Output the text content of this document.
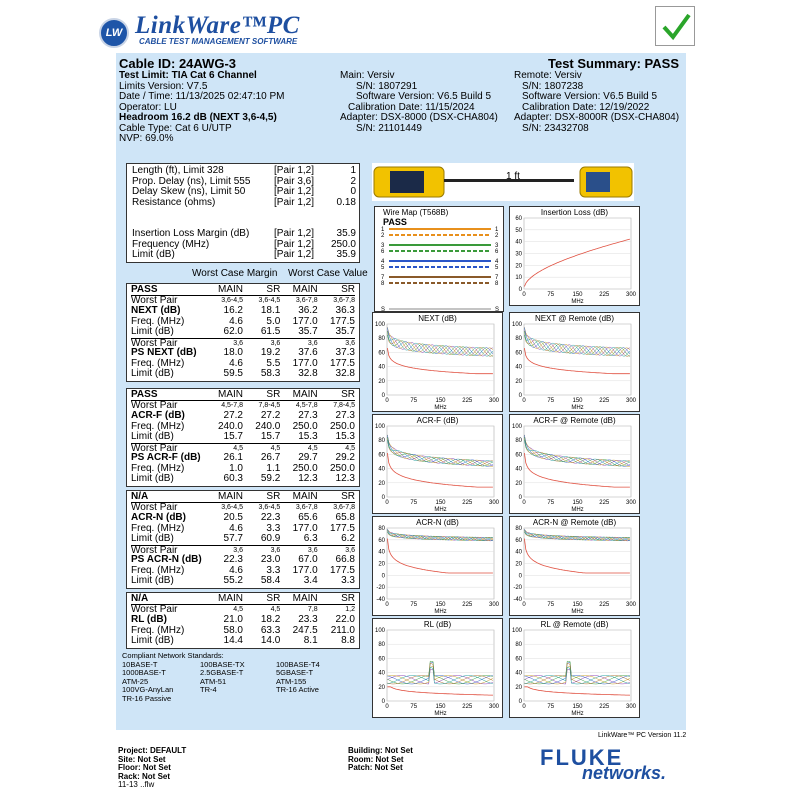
LW LinkWare™PC
CABLE TEST MANAGEMENT SOFTWARE
Cable ID: 24AWG-3	Test Summary: PASS
Test Limit: TIA Cat 6 Channel
Limits Version: V7.5
Date / Time: 11/13/2025 02:47:10 PM
Operator: LU
Headroom 16.2 dB (NEXT 3,6-4,5)
Cable Type: Cat 6 U/UTP
NVP: 69.0%
Main: Versiv
S/N: 1807291
Software Version: V6.5 Build 5
Calibration Date: 11/15/2024
Adapter: DSX-8000 (DSX-CHA804)
S/N: 21101449
Remote: Versiv
S/N: 1807238
Software Version: V6.5 Build 5
Calibration Date: 12/19/2022
Adapter: DSX-8000R (DSX-CHA804)
S/N: 23432708
Length (ft), Limit 328	[Pair 1,2]	1
Prop. Delay (ns), Limit 555	[Pair 3,6]	2
Delay Skew (ns), Limit 50	[Pair 1,2]	0
Resistance (ohms)	[Pair 1,2]	0.18
Insertion Loss Margin (dB)	[Pair 1,2]	35.9
Frequency (MHz)	[Pair 1,2]	250.0
Limit (dB)	[Pair 1,2]	35.9
Worst Case Margin Worst Case Value
PASS	MAIN	SR	MAIN	SR
Worst Pair	3,6-4,5	3,6-4,5	3,6-7,8	3,6-7,8
NEXT (dB)	16.2	18.1	36.2	36.3
Freq. (MHz)	4.6	5.0	177.0	177.5
Limit (dB)	62.0	61.5	35.7	35.7
Worst Pair	3,6	3,6	3,6	3,6
PS NEXT (dB)	18.0	19.2	37.6	37.3
Freq. (MHz)	4.6	5.5	177.0	177.5
Limit (dB)	59.5	58.3	32.8	32.8
PASS	MAIN	SR	MAIN	SR
Worst Pair	4,5-7,8	7,8-4,5	4,5-7,8	7,8-4,5
ACR-F (dB)	27.2	27.2	27.3	27.3
Freq. (MHz)	240.0	240.0	250.0	250.0
Limit (dB)	15.7	15.7	15.3	15.3
Worst Pair	4,5	4,5	4,5	4,5
PS ACR-F (dB)	26.1	26.7	29.7	29.2
Freq. (MHz)	1.0	1.1	250.0	250.0
Limit (dB)	60.3	59.2	12.3	12.3
N/A	MAIN	SR	MAIN	SR
Worst Pair	3,6-4,5	3,6-4,5	3,6-7,8	3,6-7,8
ACR-N (dB)	20.5	22.3	65.6	65.8
Freq. (MHz)	4.6	3.3	177.0	177.5
Limit (dB)	57.7	60.9	6.3	6.2
Worst Pair	3,6	3,6	3,6	3,6
PS ACR-N (dB)	22.3	23.0	67.0	66.8
Freq. (MHz)	4.6	3.3	177.0	177.5
Limit (dB)	55.2	58.4	3.4	3.3
N/A	MAIN	SR	MAIN	SR
Worst Pair	4,5	4,5	7,8	1,2
RL (dB)	21.0	18.2	23.3	22.0
Freq. (MHz)	58.0	63.3	247.5	211.0
Limit (dB)	14.4	14.0	8.1	8.8
Compliant Network Standards:
10BASE-T
1000BASE-T
ATM-25
100VG-AnyLan
TR-16 Passive
100BASE-TX
2.5GBASE-T
ATM-51
TR-4
100BASE-T4
5GBASE-T
ATM-155
TR-16 Active
1 ft
Wire Map (T568B)
PASS
1	1
2	2
3	3
6	6
4	4
5	5
7	7
8	8
S	S
Insertion Loss (dB)
0
10
20
30
40
50
60
0	75	150	225	300
MHz
NEXT (dB)
0
20
40
60
80
100
0	75	150	225	300
MHz
NEXT @ Remote (dB)
0
20
40
60
80
100
0	75	150	225	300
MHz
ACR-F (dB)
0
20
40
60
80
100
0	75	150	225	300
MHz
ACR-F @ Remote (dB)
0
20
40
60
80
100
0	75	150	225	300
MHz
ACR-N (dB)
-40
-20
0
20
40
60
80
0	75	150	225	300
MHz
ACR-N @ Remote (dB)
-40
-20
0
20
40
60
80
0	75	150	225	300
MHz
RL (dB)
0
20
40
60
80
100
0	75	150	225	300
MHz
RL @ Remote (dB)
0
20
40
60
80
100
0	75	150	225	300
MHz
LinkWare™ PC Version 11.2
Project: DEFAULT
Site: Not Set
Floor: Not Set
Rack: Not Set
11-13 ..flw
Building: Not Set
Room: Not Set
Patch: Not Set	FLUKE
networks.
